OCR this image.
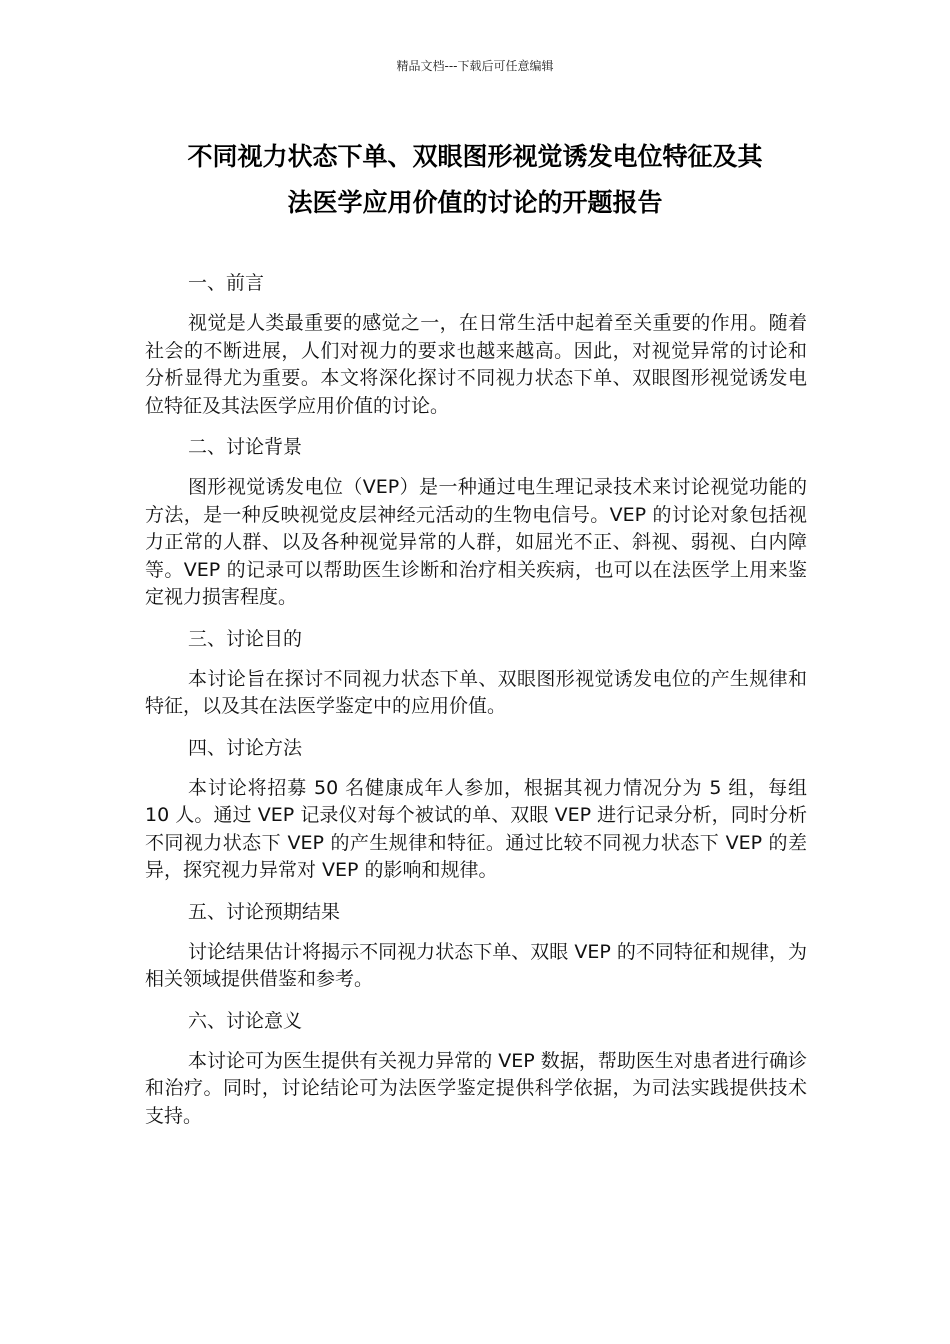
精品文档---下载后可任意编辑
不同视力状态下单、双眼图形视觉诱发电位特征及其
法医学应用价值的讨论的开题报告
一、前言

视觉是人类最重要的感觉之一，在日常生活中起着至关重要的作用。随着社会的不断进展，人们对视力的要求也越来越高。因此，对视觉异常的讨论和分析显得尤为重要。本文将深化探讨不同视力状态下单、双眼图形视觉诱发电位特征及其法医学应用价值的讨论。

二、讨论背景

图形视觉诱发电位（VEP）是一种通过电生理记录技术来讨论视觉功能的方法，是一种反映视觉皮层神经元活动的生物电信号。VEP 的讨论对象包括视力正常的人群、以及各种视觉异常的人群，如屈光不正、斜视、弱视、白内障等。VEP 的记录可以帮助医生诊断和治疗相关疾病，也可以在法医学上用来鉴定视力损害程度。

三、讨论目的

本讨论旨在探讨不同视力状态下单、双眼图形视觉诱发电位的产生规律和特征，以及其在法医学鉴定中的应用价值。

四、讨论方法

本讨论将招募 50 名健康成年人参加，根据其视力情况分为 5 组，每组 10 人。通过 VEP 记录仪对每个被试的单、双眼 VEP 进行记录分析，同时分析不同视力状态下 VEP 的产生规律和特征。通过比较不同视力状态下 VEP 的差异，探究视力异常对 VEP 的影响和规律。

五、讨论预期结果

讨论结果估计将揭示不同视力状态下单、双眼 VEP 的不同特征和规律，为相关领域提供借鉴和参考。

六、讨论意义

本讨论可为医生提供有关视力异常的 VEP 数据，帮助医生对患者进行确诊和治疗。同时，讨论结论可为法医学鉴定提供科学依据，为司法实践提供技术支持。
